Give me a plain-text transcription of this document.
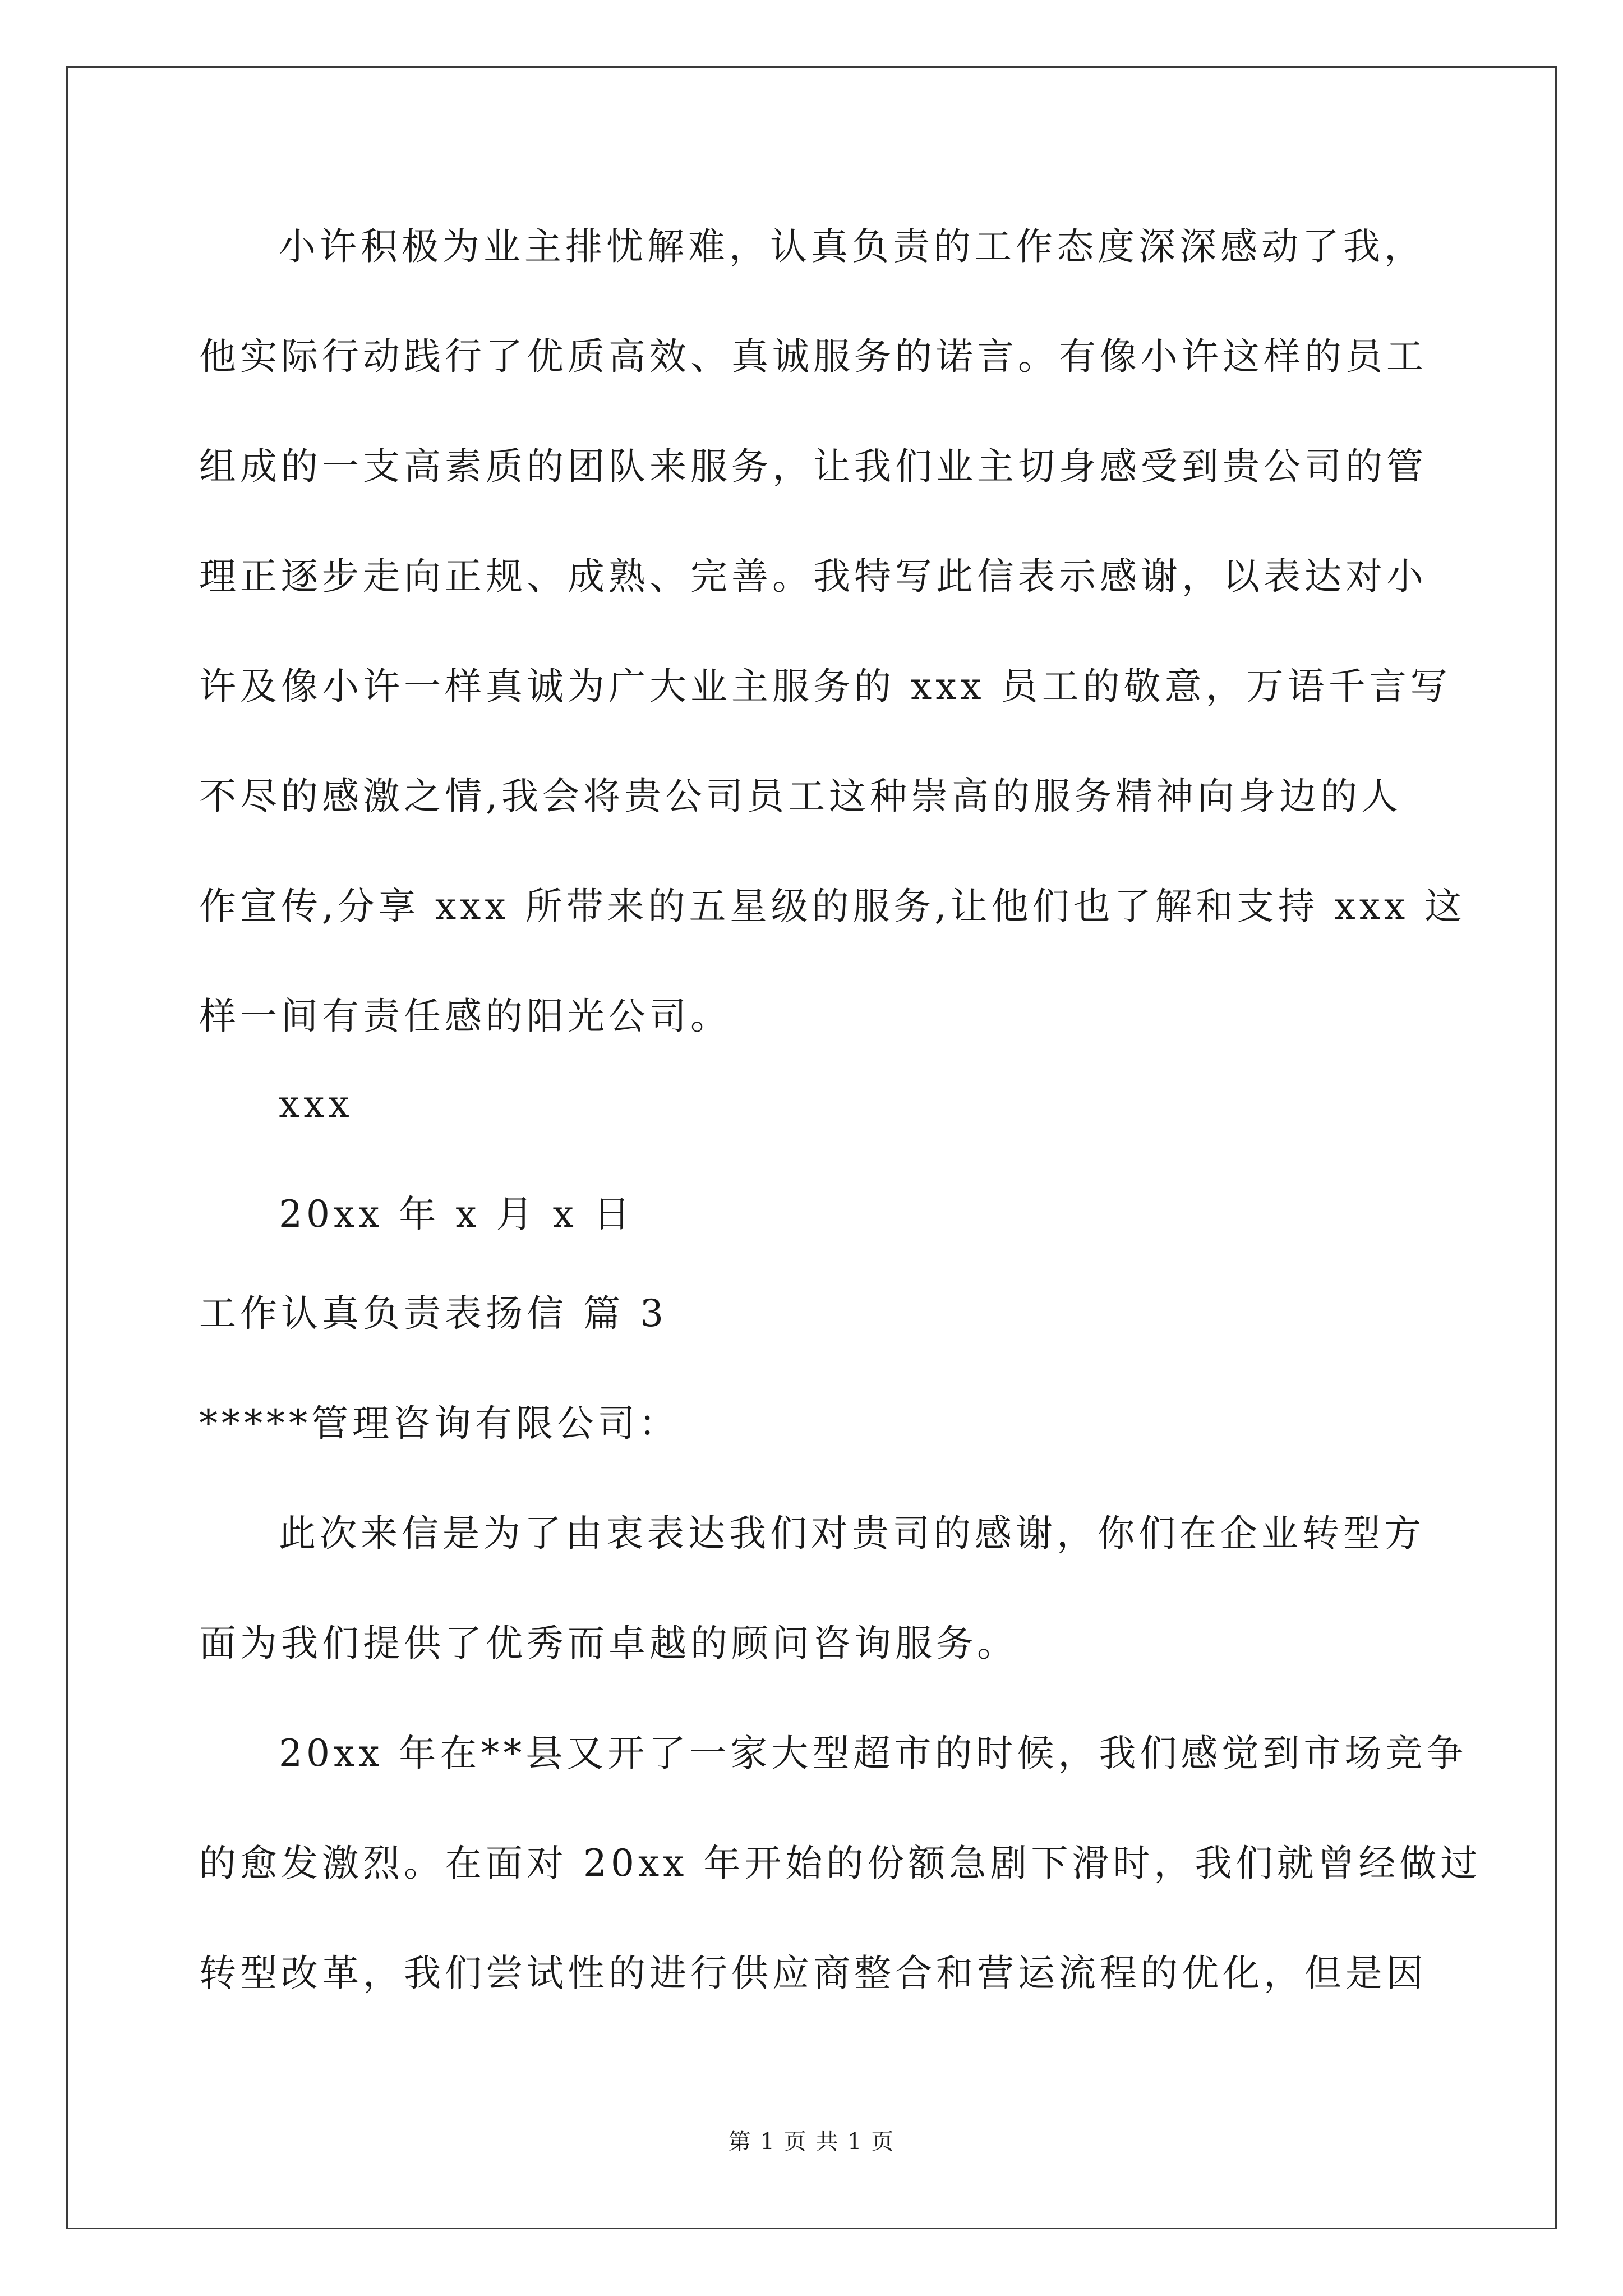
小许积极为业主排忧解难，认真负责的工作态度深深感动了我，
他实际行动践行了优质高效、真诚服务的诺言。有像小许这样的员工
组成的一支高素质的团队来服务，让我们业主切身感受到贵公司的管
理正逐步走向正规、成熟、完善。我特写此信表示感谢，以表达对小
许及像小许一样真诚为广大业主服务的 xxx 员工的敬意，万语千言写
不尽的感激之情,我会将贵公司员工这种崇高的服务精神向身边的人
作宣传,分享 xxx 所带来的五星级的服务,让他们也了解和支持 xxx 这
样一间有责任感的阳光公司。
xxx
20xx 年 x 月 x 日
工作认真负责表扬信 篇 3
*****管理咨询有限公司：
此次来信是为了由衷表达我们对贵司的感谢，你们在企业转型方
面为我们提供了优秀而卓越的顾问咨询服务。
20xx 年在**县又开了一家大型超市的时候，我们感觉到市场竞争
的愈发激烈。在面对 20xx 年开始的份额急剧下滑时，我们就曾经做过
转型改革，我们尝试性的进行供应商整合和营运流程的优化，但是因
第 1 页 共 1 页
